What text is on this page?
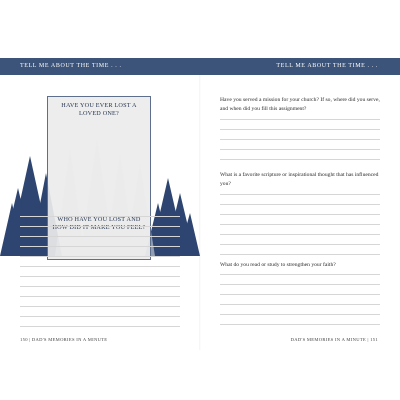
TELL ME ABOUT THE TIME . . .	TELL ME ABOUT THE TIME . . .
HAVE YOU EVER LOST A LOVED ONE?
WHO HAVE YOU LOST AND HOW DID IT MAKE YOU FEEL?
Have you served a mission for your church? If so, where did you serve, and when did you fill this assignment?
What is a favorite scripture or inspirational thought that has influenced you?
What do you read or study to strengthen your faith?
150 | DAD'S MEMORIES IN A MINUTE	DAD'S MEMORIES IN A MINUTE | 151
